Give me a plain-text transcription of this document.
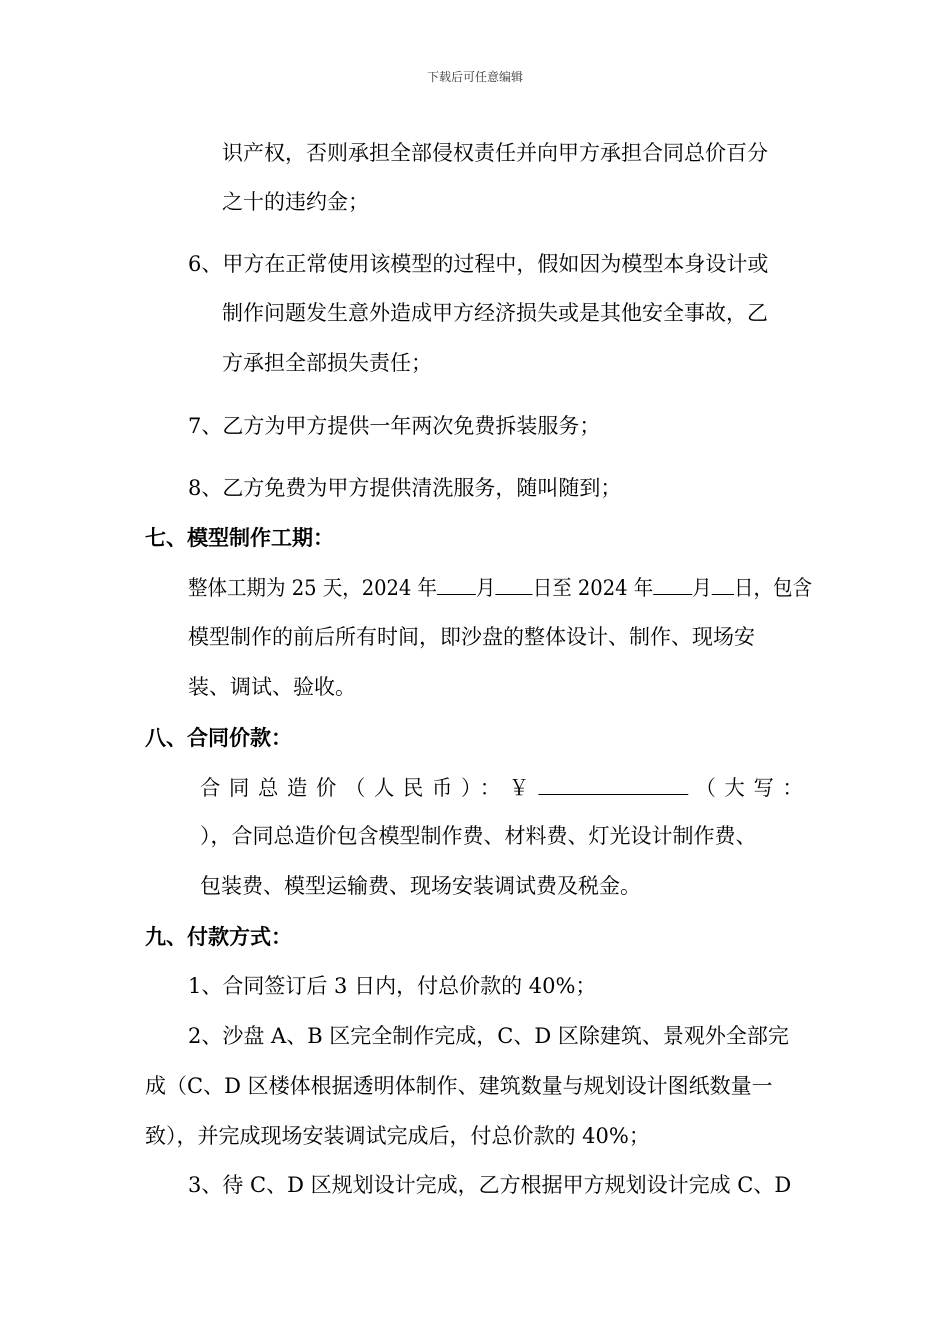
下载后可任意编辑
识产权，否则承担全部侵权责任并向甲方承担合同总价百分
之十的违约金；
6、甲方在正常使用该模型的过程中，假如因为模型本身设计或
制作问题发生意外造成甲方经济损失或是其他安全事故，乙
方承担全部损失责任；
7、乙方为甲方提供一年两次免费拆装服务；
8、乙方免费为甲方提供清洗服务，随叫随到；
七、模型制作工期：
整体工期为 25 天，2024 年 月 日至 2024 年 月 日，包含
模型制作的前后所有时间，即沙盘的整体设计、制作、现场安
装、调试、验收。
八、合同价款：
合同总造价（人民币）：￥	（大写：
），合同总造价包含模型制作费、材料费、灯光设计制作费、
包装费、模型运输费、现场安装调试费及税金。
九、付款方式：
1、合同签订后 3 日内，付总价款的 40%；
2、沙盘 A、B 区完全制作完成，C、D 区除建筑、景观外全部完
成（C、D 区楼体根据透明体制作、建筑数量与规划设计图纸数量一
致），并完成现场安装调试完成后，付总价款的 40%；
3、待 C、D 区规划设计完成，乙方根据甲方规划设计完成 C、D
